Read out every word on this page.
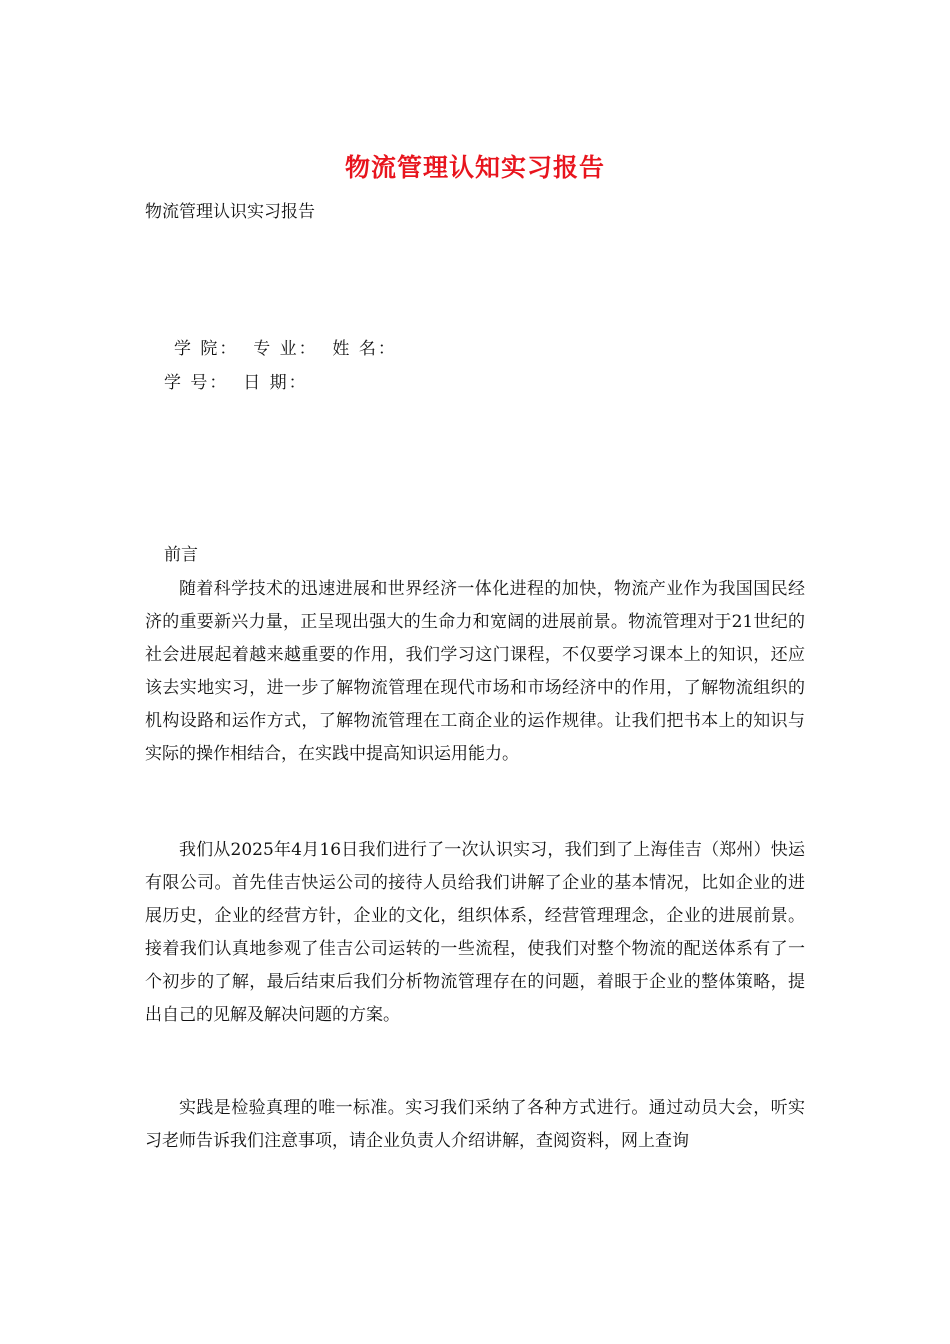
物流管理认知实习报告
物流管理认识实习报告
学 院：  专 业：  姓 名：
学 号：  日 期：
前言

随着科学技术的迅速进展和世界经济一体化进程的加快，物流产业作为我国国民经济的重要新兴力量，正呈现出强大的生命力和宽阔的进展前景。物流管理对于21世纪的社会进展起着越来越重要的作用，我们学习这门课程，不仅要学习课本上的知识，还应该去实地实习，进一步了解物流管理在现代市场和市场经济中的作用，了解物流组织的机构设路和运作方式，了解物流管理在工商企业的运作规律。让我们把书本上的知识与实际的操作相结合，在实践中提高知识运用能力。

我们从2025年4月16日我们进行了一次认识实习，我们到了上海佳吉（郑州）快运有限公司。首先佳吉快运公司的接待人员给我们讲解了企业的基本情况，比如企业的进展历史，企业的经营方针，企业的文化，组织体系，经营管理理念，企业的进展前景。接着我们认真地参观了佳吉公司运转的一些流程，使我们对整个物流的配送体系有了一个初步的了解，最后结束后我们分析物流管理存在的问题，着眼于企业的整体策略，提出自己的见解及解决问题的方案。

实践是检验真理的唯一标准。实习我们采纳了各种方式进行。通过动员大会，听实习老师告诉我们注意事项，请企业负责人介绍讲解，查阅资料，网上查询
